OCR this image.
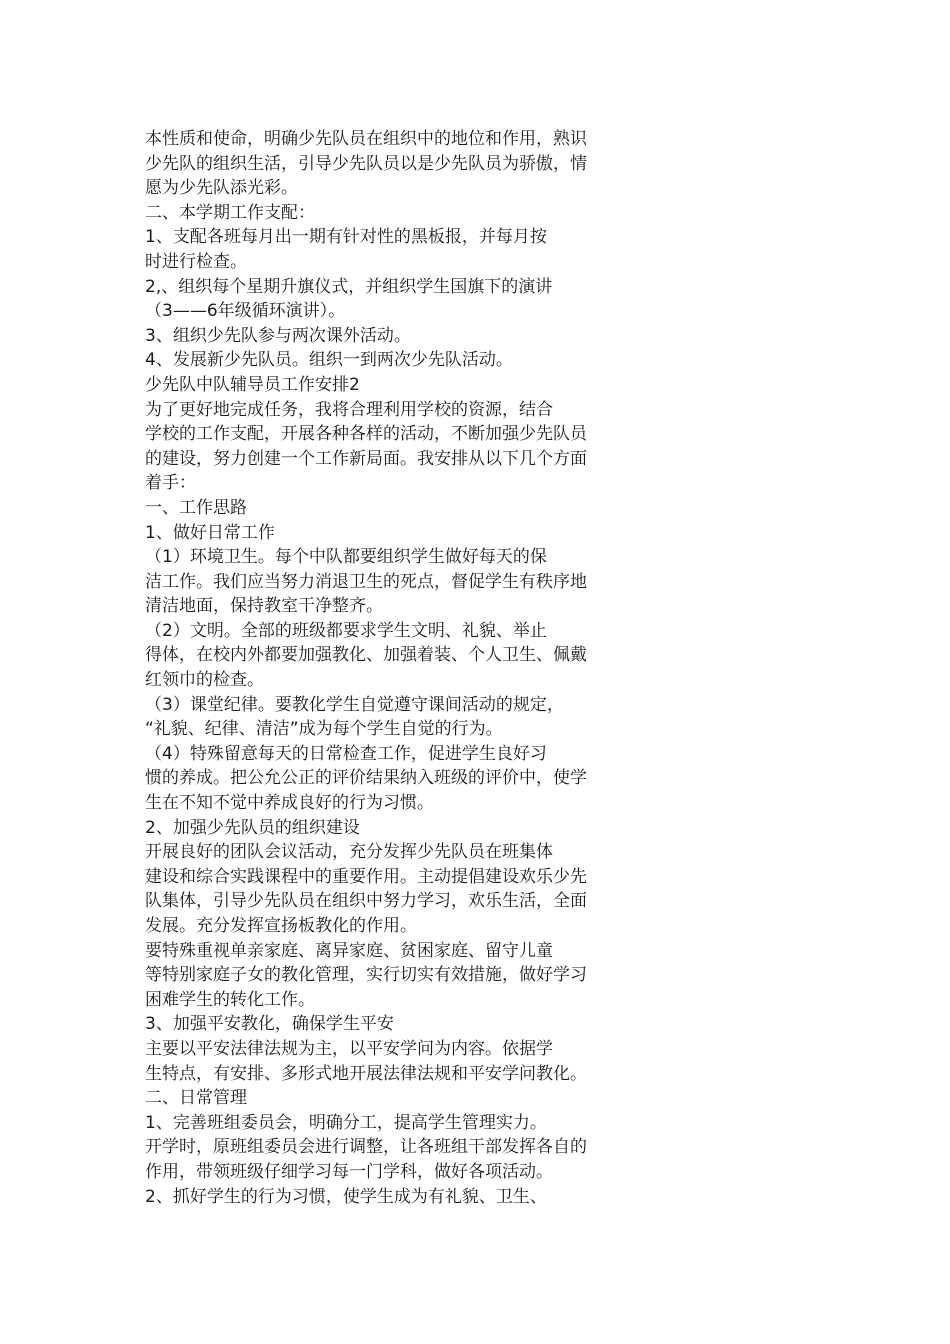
本性质和使命，明确少先队员在组织中的地位和作用，熟识
少先队的组织生活，引导少先队员以是少先队员为骄傲，情
愿为少先队添光彩。
二、本学期工作支配：
1、支配各班每月出一期有针对性的黑板报，并每月按
时进行检查。
2,、组织每个星期升旗仪式，并组织学生国旗下的演讲
（3——6年级循环演讲）。
3、组织少先队参与两次课外活动。
4、发展新少先队员。组织一到两次少先队活动。
少先队中队辅导员工作安排2
为了更好地完成任务，我将合理利用学校的资源，结合
学校的工作支配，开展各种各样的活动，不断加强少先队员
的建设，努力创建一个工作新局面。我安排从以下几个方面
着手：
一、工作思路
1、做好日常工作
（1）环境卫生。每个中队都要组织学生做好每天的保
洁工作。我们应当努力消退卫生的死点，督促学生有秩序地
清洁地面，保持教室干净整齐。
（2）文明。全部的班级都要求学生文明、礼貌、举止
得体，在校内外都要加强教化、加强着装、个人卫生、佩戴
红领巾的检查。
（3）课堂纪律。要教化学生自觉遵守课间活动的规定，
“礼貌、纪律、清洁”成为每个学生自觉的行为。
（4）特殊留意每天的日常检查工作，促进学生良好习
惯的养成。把公允公正的评价结果纳入班级的评价中，使学
生在不知不觉中养成良好的行为习惯。
2、加强少先队员的组织建设
开展良好的团队会议活动，充分发挥少先队员在班集体
建设和综合实践课程中的重要作用。主动提倡建设欢乐少先
队集体，引导少先队员在组织中努力学习，欢乐生活，全面
发展。充分发挥宣扬板教化的作用。
要特殊重视单亲家庭、离异家庭、贫困家庭、留守儿童
等特别家庭子女的教化管理，实行切实有效措施，做好学习
困难学生的转化工作。
3、加强平安教化，确保学生平安
主要以平安法律法规为主，以平安学问为内容。依据学
生特点，有安排、多形式地开展法律法规和平安学问教化。
二、日常管理
1、完善班组委员会，明确分工，提高学生管理实力。
开学时，原班组委员会进行调整，让各班组干部发挥各自的
作用，带领班级仔细学习每一门学科，做好各项活动。
2、抓好学生的行为习惯，使学生成为有礼貌、卫生、
